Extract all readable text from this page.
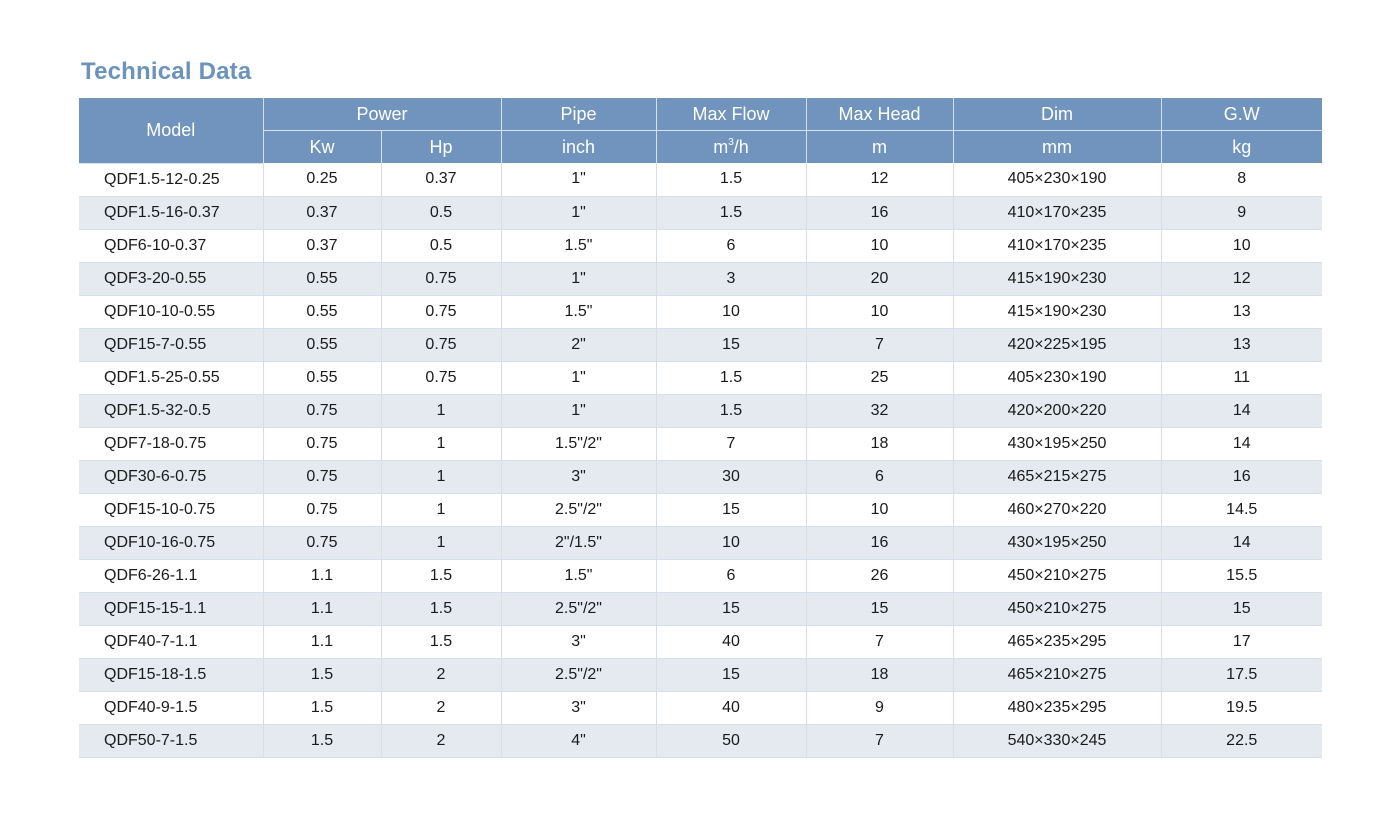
Technical Data
Model	Power		Pipe	Max Flow	Max Head	Dim	G.W
	Kw	Hp	inch	$m^3/h$	m	mm	kg
QDF1.5-12-0.25	0.25	0.37	1"	1.5	12	405×230×190	8
QDF1.5-16-0.37	0.37	0.5	1"	1.5	16	410×170×235	9
QDF6-10-0.37	0.37	0.5	1.5"	6	10	410×170×235	10
QDF3-20-0.55	0.55	0.75	1"	3	20	415×190×230	12
QDF10-10-0.55	0.55	0.75	1.5"	10	10	415×190×230	13
QDF15-7-0.55	0.55	0.75	2"	15	7	420×225×195	13
QDF1.5-25-0.55	0.55	0.75	1"	1.5	25	405×230×190	11
QDF1.5-32-0.5	0.75	1	1"	1.5	32	420×200×220	14
QDF7-18-0.75	0.75	1	1.5"/2"	7	18	430×195×250	14
QDF30-6-0.75	0.75	1	3"	30	6	465×215×275	16
QDF15-10-0.75	0.75	1	2.5"/2"	15	10	460×270×220	14.5
QDF10-16-0.75	0.75	1	2"/1.5"	10	16	430×195×250	14
QDF6-26-1.1	1.1	1.5	1.5"	6	26	450×210×275	15.5
QDF15-15-1.1	1.1	1.5	2.5"/2"	15	15	450×210×275	15
QDF40-7-1.1	1.1	1.5	3"	40	7	465×235×295	17
QDF15-18-1.5	1.5	2	2.5"/2"	15	18	465×210×275	17.5
QDF40-9-1.5	1.5	2	3"	40	9	480×235×295	19.5
QDF50-7-1.5	1.5	2	4"	50	7	540×330×245	22.5
